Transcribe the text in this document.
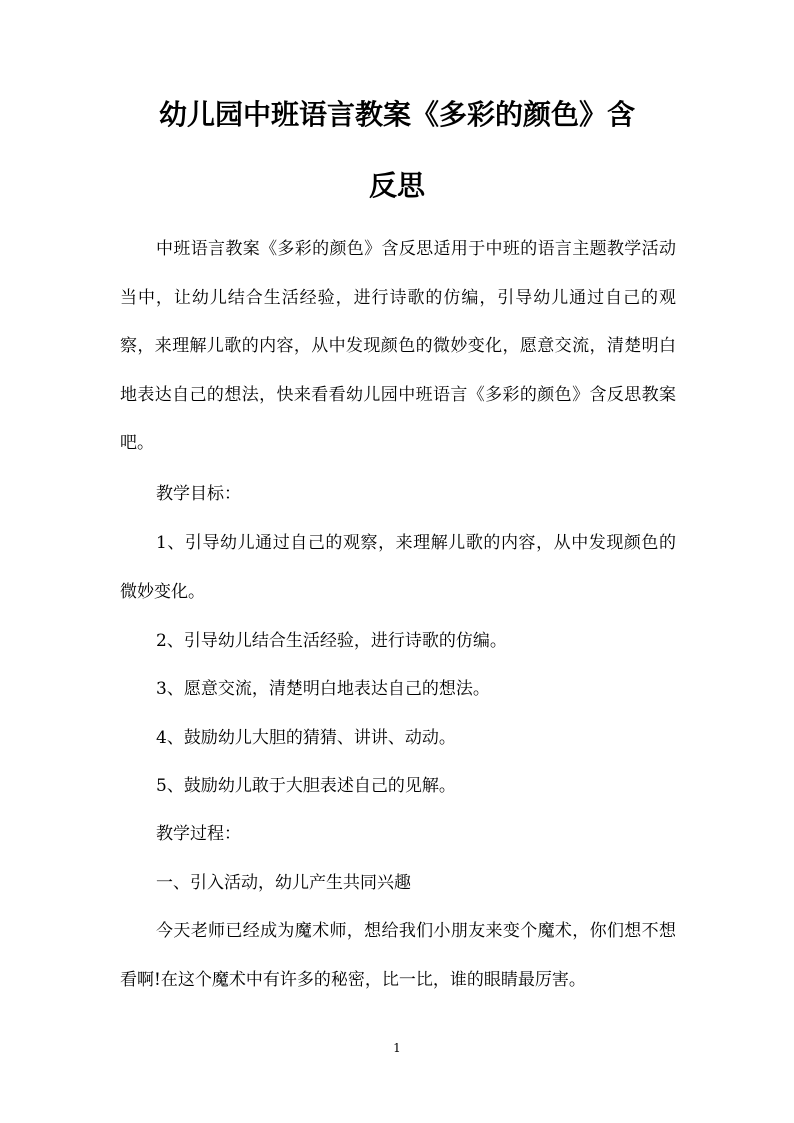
幼儿园中班语言教案《多彩的颜色》含
反思

中班语言教案《多彩的颜色》含反思适用于中班的语言主题教学活动当中，让幼儿结合生活经验，进行诗歌的仿编，引导幼儿通过自己的观察，来理解儿歌的内容，从中发现颜色的微妙变化，愿意交流，清楚明白地表达自己的想法，快来看看幼儿园中班语言《多彩的颜色》含反思教案吧。

教学目标：

1、引导幼儿通过自己的观察，来理解儿歌的内容，从中发现颜色的微妙变化。

2、引导幼儿结合生活经验，进行诗歌的仿编。

3、愿意交流，清楚明白地表达自己的想法。

4、鼓励幼儿大胆的猜猜、讲讲、动动。

5、鼓励幼儿敢于大胆表述自己的见解。

教学过程：

一、引入活动，幼儿产生共同兴趣

今天老师已经成为魔术师，想给我们小朋友来变个魔术，你们想不想看啊!在这个魔术中有许多的秘密，比一比，谁的眼睛最厉害。

1
